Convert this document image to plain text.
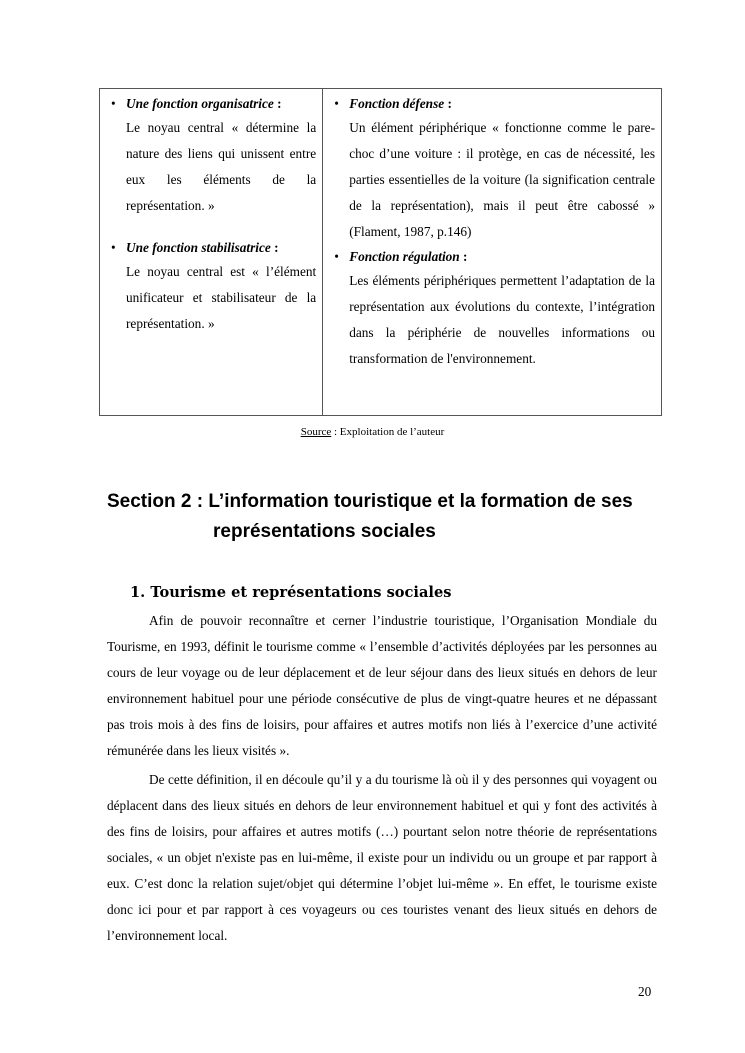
• Une fonction organisatrice :
Le noyau central « détermine la nature des liens qui unissent entre eux les éléments de la représentation. »
• Une fonction stabilisatrice :
Le noyau central est « l’élément unificateur et stabilisateur de la représentation. »
• Fonction défense :
Un élément périphérique « fonctionne comme le pare-choc d’une voiture : il protège, en cas de nécessité, les parties essentielles de la voiture (la signification centrale de la représentation), mais il peut être cabossé » (Flament, 1987, p.146)
• Fonction régulation :
Les éléments périphériques permettent l’adaptation de la représentation aux évolutions du contexte, l’intégration dans la périphérie de nouvelles informations ou transformation de l'environnement.
Source : Exploitation de l’auteur
Section 2 : L’information touristique et la formation de ses
représentations sociales
1. Tourisme et représentations sociales

Afin de pouvoir reconnaître et cerner l’industrie touristique, l’Organisation Mondiale du Tourisme, en 1993, définit le tourisme comme « l’ensemble d’activités déployées par les personnes au cours de leur voyage ou de leur déplacement et de leur séjour dans des lieux situés en dehors de leur environnement habituel pour une période consécutive de plus de vingt-quatre heures et ne dépassant pas trois mois à des fins de loisirs, pour affaires et autres motifs non liés à l’exercice d’une activité rémunérée dans les lieux visités ».

De cette définition, il en découle qu’il y a du tourisme là où il y des personnes qui voyagent ou déplacent dans des lieux situés en dehors de leur environnement habituel et qui y font des activités à des fins de loisirs, pour affaires et autres motifs (…) pourtant selon notre théorie de représentations sociales, « un objet n'existe pas en lui-même, il existe pour un individu ou un groupe et par rapport à eux. C’est donc la relation sujet/objet qui détermine l’objet lui-même ». En effet, le tourisme existe donc ici pour et par rapport à ces voyageurs ou ces touristes venant des lieux situés en dehors de l’environnement local.

20
